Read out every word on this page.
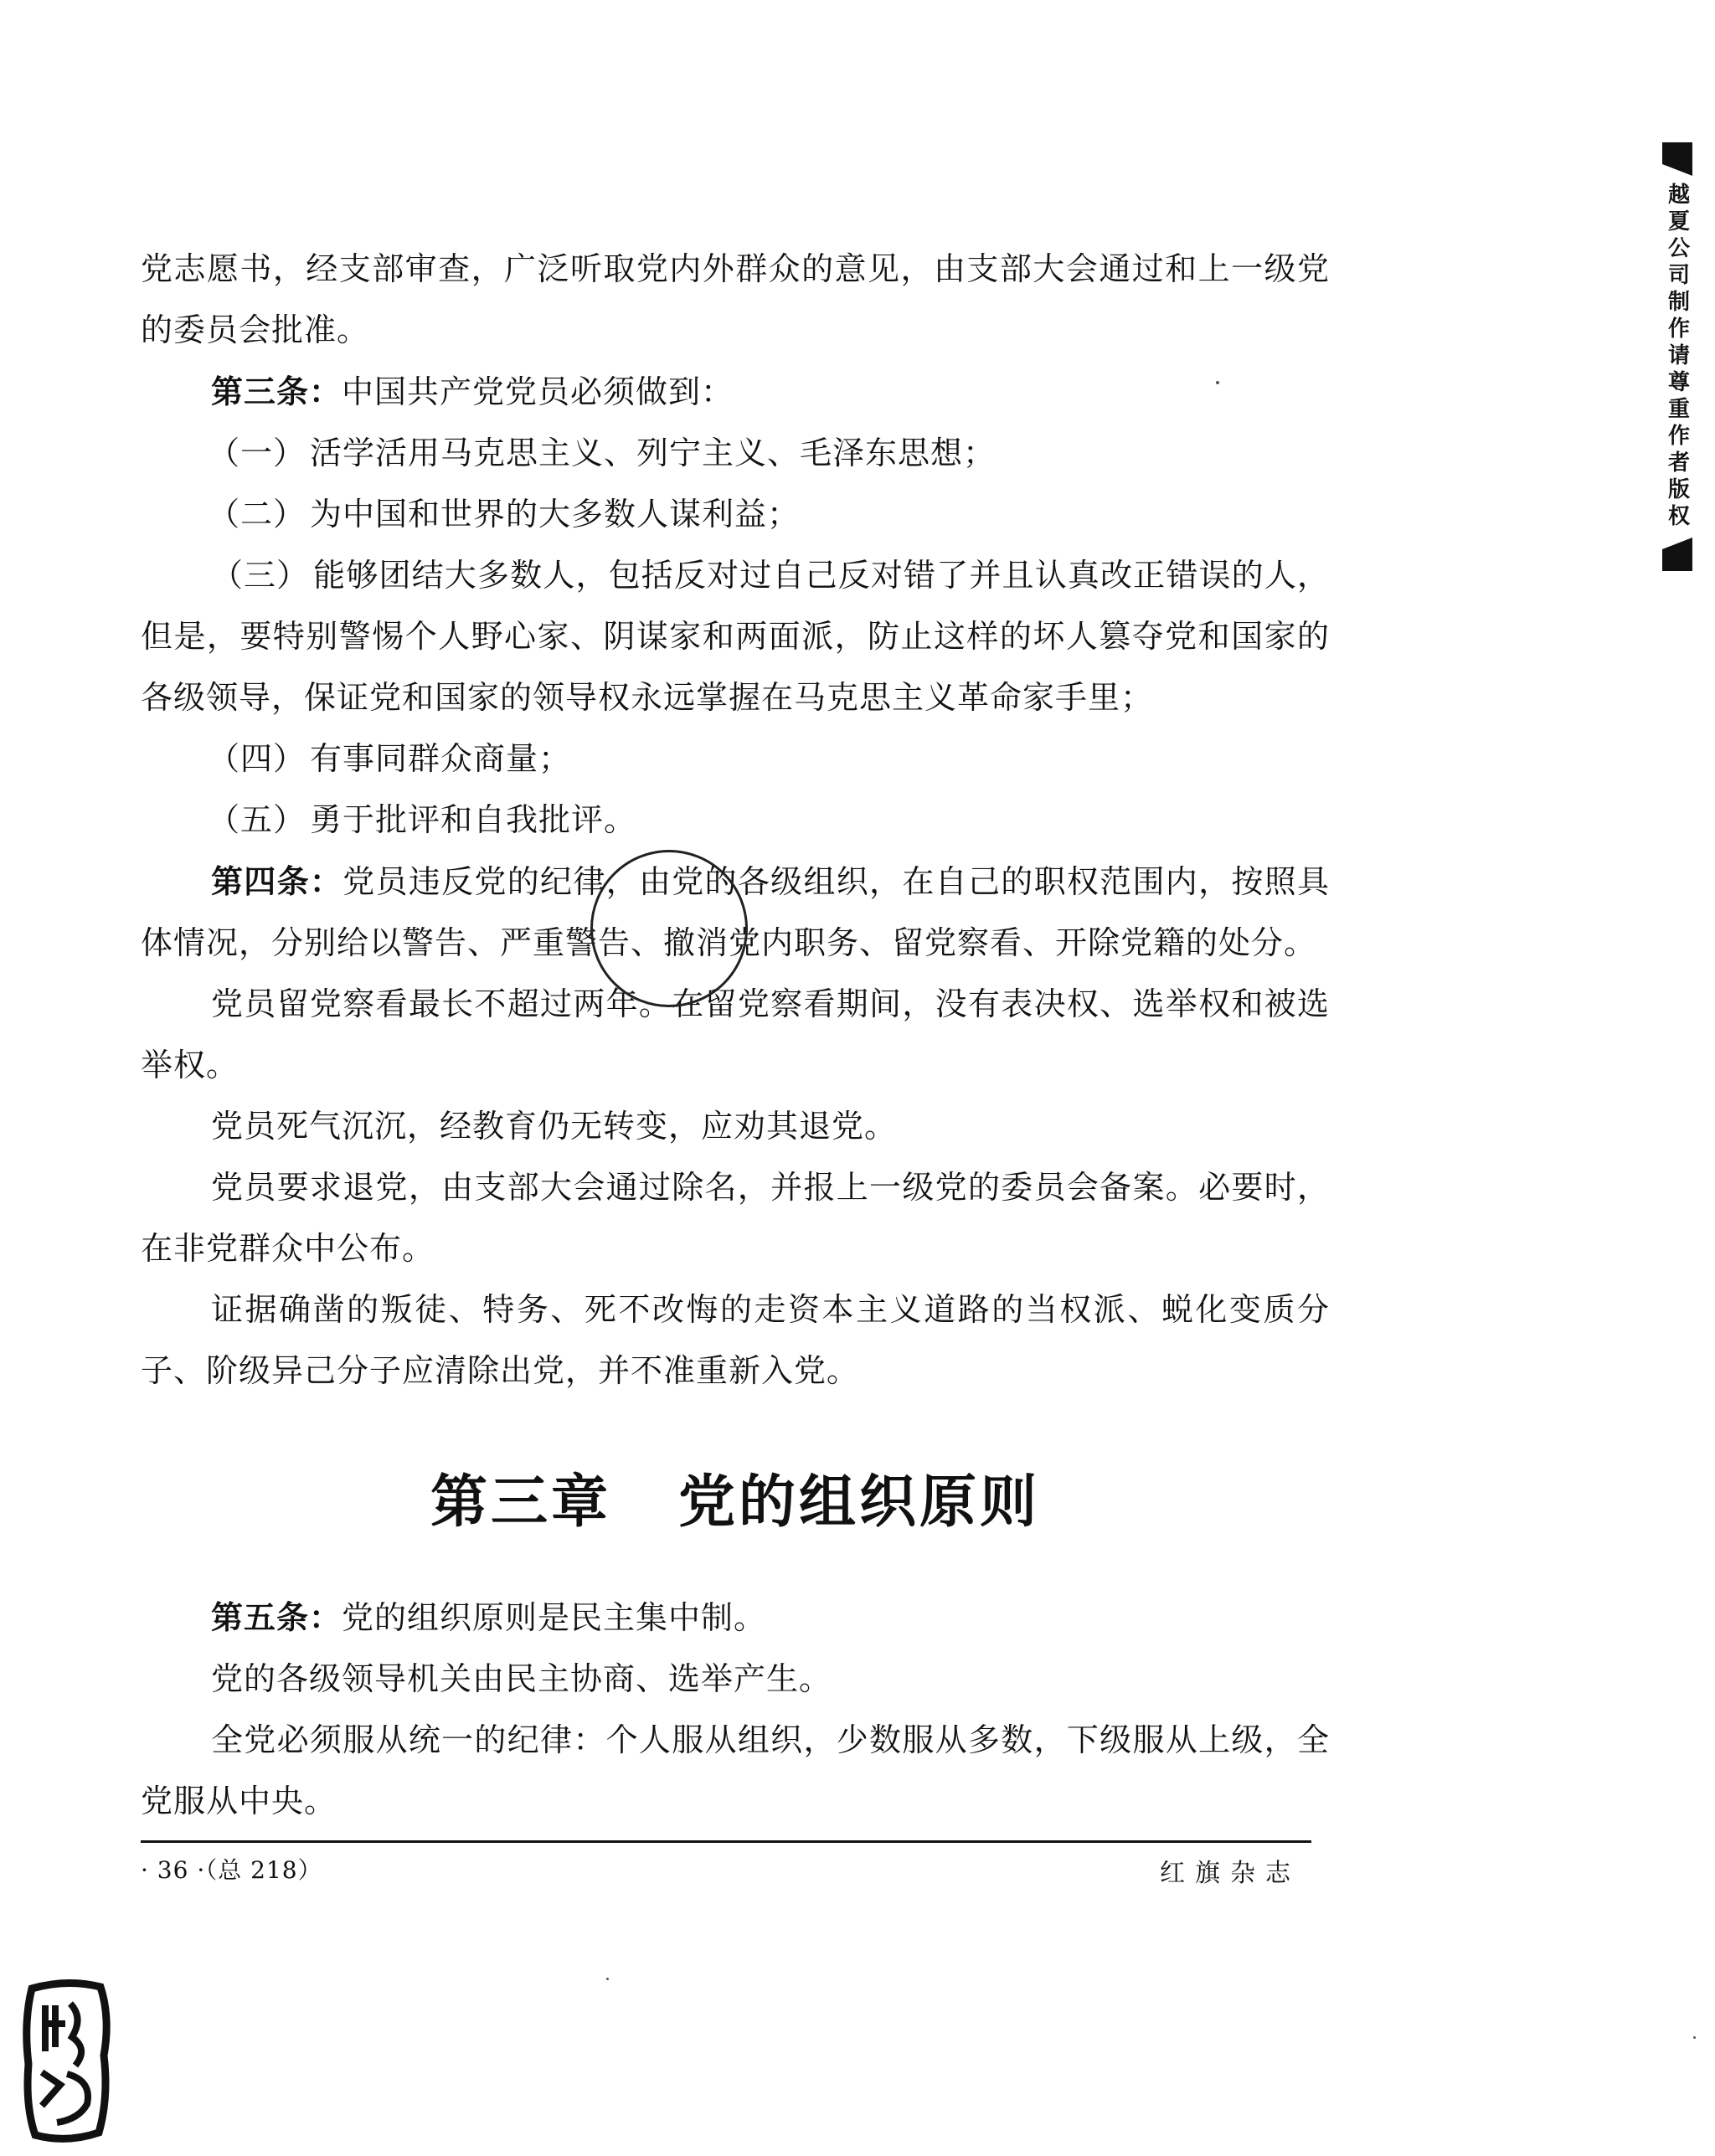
党志愿书，经支部审查，广泛听取党内外群众的意见，由支部大会通过和上一级党的委员会批准。

第三条：中国共产党党员必须做到：

（一） 活学活用马克思主义、列宁主义、毛泽东思想；

（二） 为中国和世界的大多数人谋利益；

（三） 能够团结大多数人，包括反对过自己反对错了并且认真改正错误的人，但是，要特别警惕个人野心家、阴谋家和两面派，防止这样的坏人篡夺党和国家的各级领导，保证党和国家的领导权永远掌握在马克思主义革命家手里；

（四） 有事同群众商量；

（五） 勇于批评和自我批评。

第四条：党员违反党的纪律，由党的各级组织，在自己的职权范围内，按照具体情况，分别给以警告、严重警告、撤消党内职务、留党察看、开除党籍的处分。

党员留党察看最长不超过两年。在留党察看期间，没有表决权、选举权和被选举权。

党员死气沉沉，经教育仍无转变，应劝其退党。

党员要求退党，由支部大会通过除名，并报上一级党的委员会备案。必要时，在非党群众中公布。

证据确凿的叛徒、特务、死不改悔的走资本主义道路的当权派、蜕化变质分子、阶级异己分子应清除出党，并不准重新入党。

第三章 党的组织原则

第五条：党的组织原则是民主集中制。

党的各级领导机关由民主协商、选举产生。

全党必须服从统一的纪律：个人服从组织，少数服从多数，下级服从上级，全党服从中央。

· 36 ·（总 218）	红旗杂志
越夏公司制作请尊重作者版权
